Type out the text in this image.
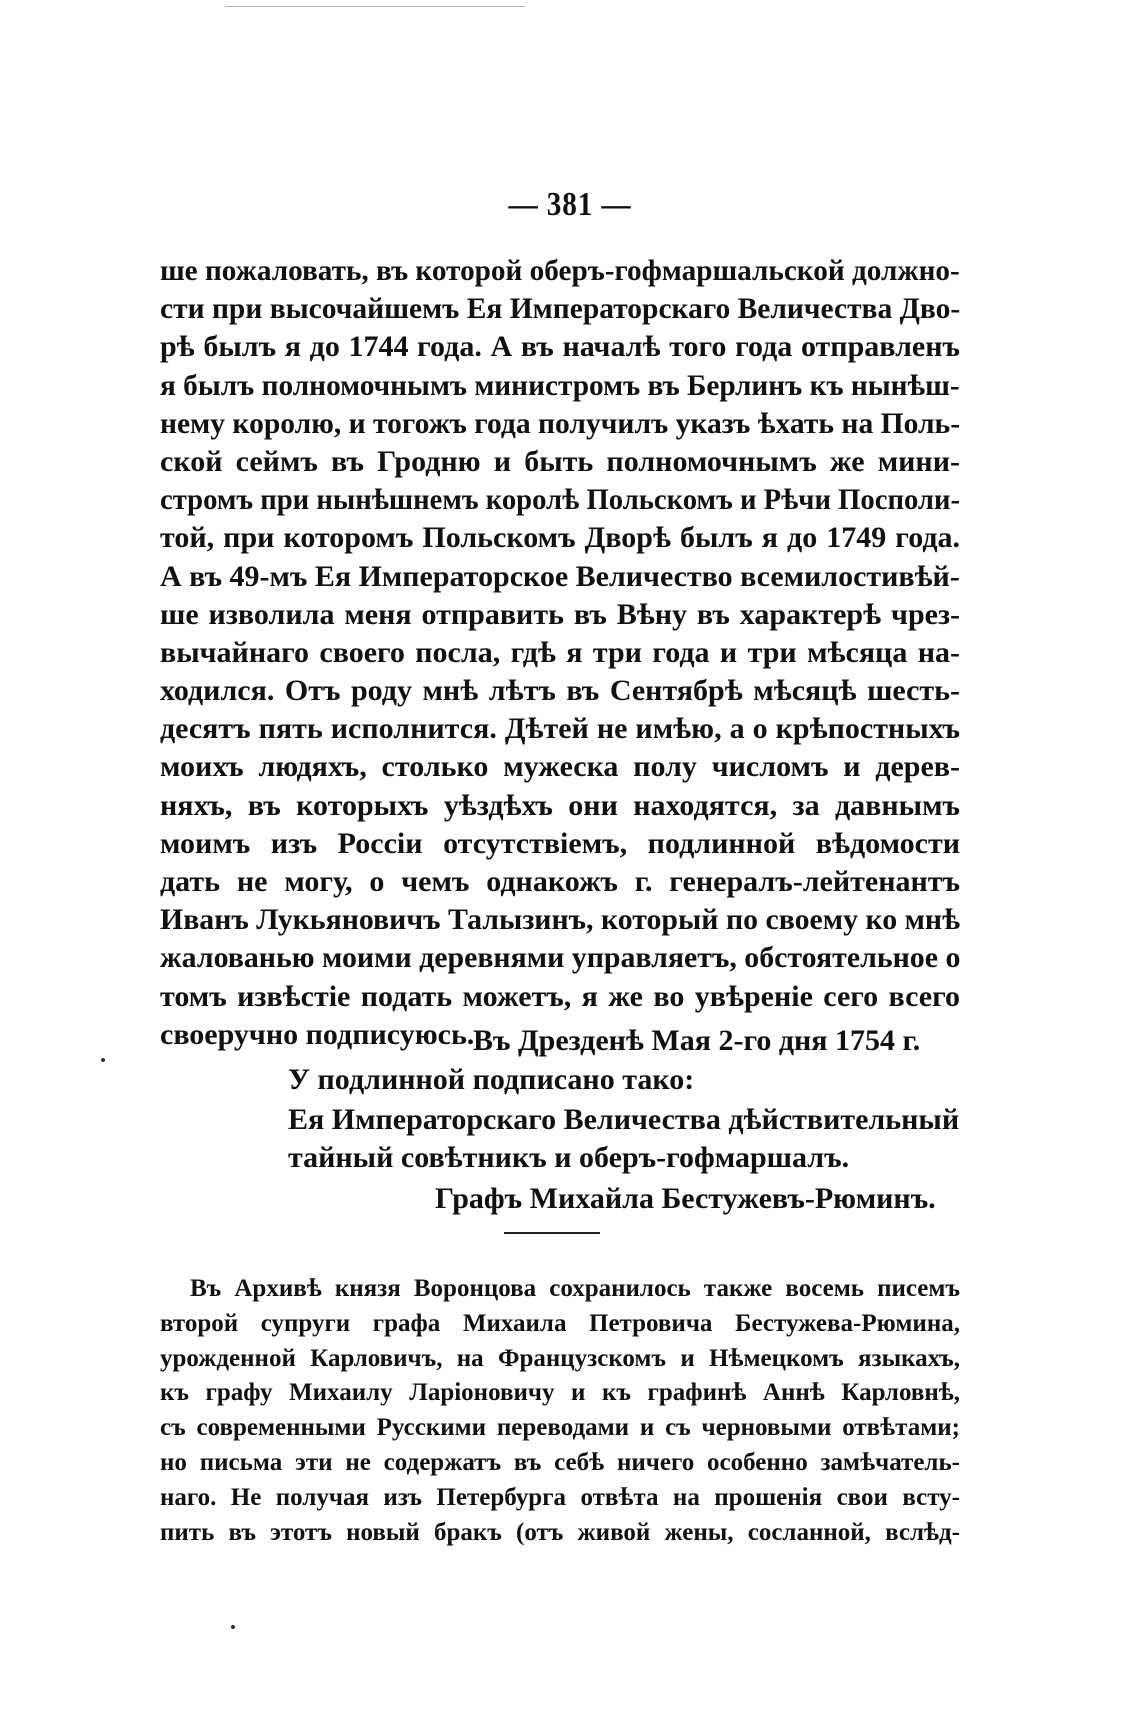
— 381 —
ше пожаловать, въ которой оберъ-гофмаршальской должно-
сти при высочайшемъ Ея Императорскаго Величества Дво-
рѣ былъ я до 1744 года. А въ началѣ того года отправленъ
я былъ полномочнымъ министромъ въ Берлинъ къ нынѣш-
нему королю, и тогожъ года получилъ указъ ѣхать на Поль-
ской сеймъ въ Гродню и быть полномочнымъ же мини-
стромъ при нынѣшнемъ королѣ Польскомъ и Рѣчи Посполи-
той, при которомъ Польскомъ Дворѣ былъ я до 1749 года.
А въ 49-мъ Ея Императорское Величество всемилостивѣй-
ше изволила меня отправить въ Вѣну въ характерѣ чрез-
вычайнаго своего посла, гдѣ я три года и три мѣсяца на-
ходился. Отъ роду мнѣ лѣтъ въ Сентябрѣ мѣсяцѣ шесть-
десятъ пять исполнится. Дѣтей не имѣю, а о крѣпостныхъ
моихъ людяхъ, столько мужеска полу числомъ и дерев-
няхъ, въ которыхъ уѣздѣхъ они находятся, за давнымъ
моимъ изъ Россіи отсутствіемъ, подлинной вѣдомости
дать не могу, о чемъ однакожъ г. генералъ-лейтенантъ
Иванъ Лукьяновичъ Талызинъ, который по своему ко мнѣ
жалованью моими деревнями управляетъ, обстоятельное о
томъ извѣстіе подать можетъ, я же во увѣреніе сего всего
своеручно подписуюсь.
Въ Дрезденѣ Мая 2-го дня 1754 г.
У подлинной подписано тако:
Ея Императорскаго Величества дѣйствительный
тайный совѣтникъ и оберъ-гофмаршалъ.
Графъ Михайла Бестужевъ-Рюминъ.
Въ Архивѣ князя Воронцова сохранилось также восемь писемъ
второй супруги графа Михаила Петровича Бестужева-Рюмина,
урожденной Карловичъ, на Французскомъ и Нѣмецкомъ языкахъ,
къ графу Михаилу Ларіоновичу и къ графинѣ Аннѣ Карловнѣ,
съ современными Русскими переводами и съ черновыми отвѣтами;
но письма эти не содержатъ въ себѣ ничего особенно замѣчатель-
наго. Не получая изъ Петербурга отвѣта на прошенія свои всту-
пить въ этотъ новый бракъ (отъ живой жены, сосланной, вслѣд-
